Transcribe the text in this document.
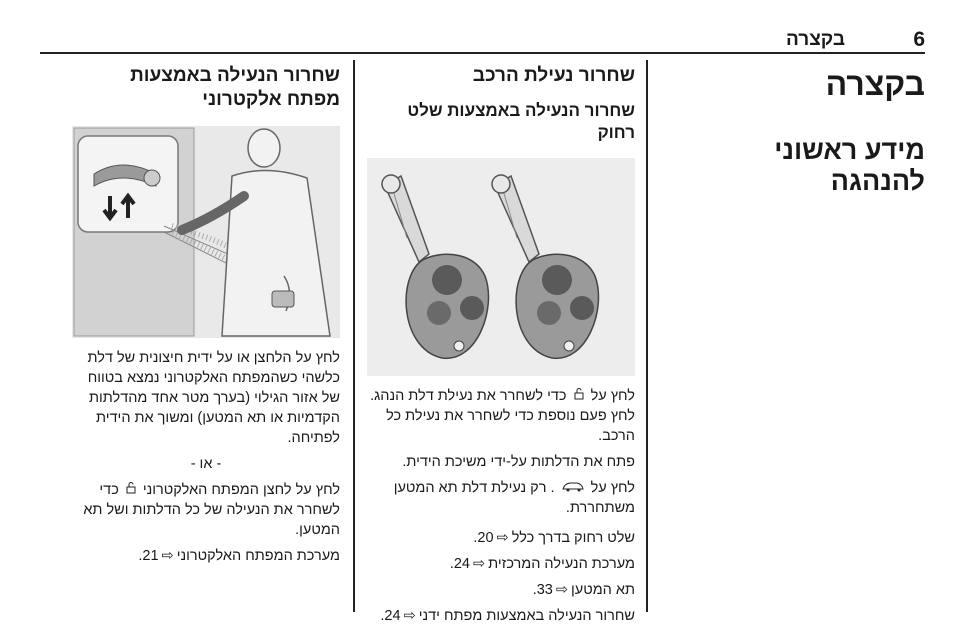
6
בקצרה
בקצרה
מידע ראשוני להנהגה
שחרור נעילת הרכב
שחרור הנעילה באמצעות שלט רחוק
לחץ על  כדי לשחרר את נעילת דלת הנהג. לחץ פעם נוספת כדי לשחרר את נעילת כל הרכב.
פתח את הדלתות על-ידי משיכת הידית.
לחץ על  . רק נעילת דלת תא המטען משתחררת.
שלט רחוק בדרך כלל⇨ 20.
מערכת הנעילה המרכזית⇨ 24.
תא המטען⇨ 33.
שחרור הנעילה באמצעות מפתח ידני⇨ 24.
שחרור הנעילה באמצעות מפתח אלקטרוני
לחץ על הלחצן או על ידית חיצונית של דלת כלשהי כשהמפתח האלקטרוני נמצא בטווח של אזור הגילוי (בערך מטר אחד מהדלתות הקדמיות או תא המטען) ומשוך את הידית לפתיחה.
- או -
לחץ על לחצן המפתח האלקטרוני  כדי לשחרר את הנעילה של כל הדלתות ושל תא המטען.
מערכת המפתח האלקטרוני⇨ 21.
